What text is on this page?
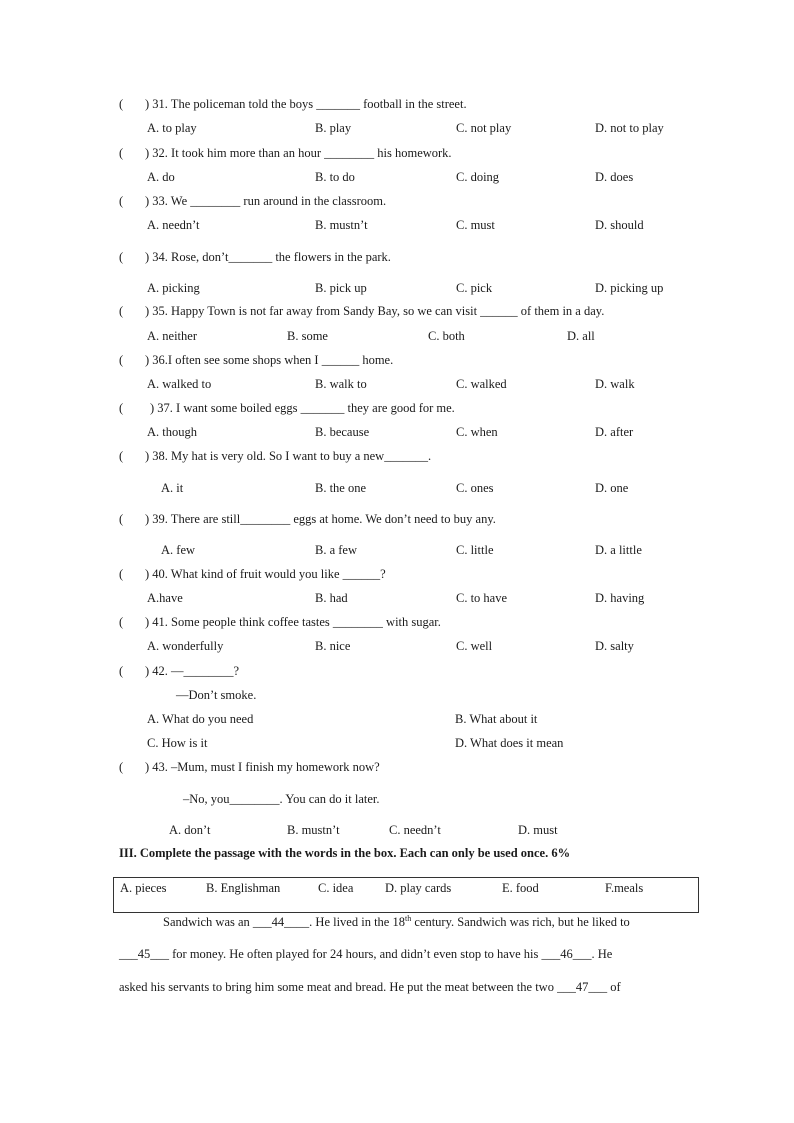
( ) 31. The policeman told the boys _______ football in the street.
A. to play	B. play	C. not play	D. not to play
( ) 32. It took him more than an hour ________ his homework.
A. do	B. to do	C. doing	D. does
( ) 33. We ________ run around in the classroom.
A. needn’t	B. mustn’t	C. must	D. should
( ) 34. Rose, don’t_______ the flowers in the park.
A. picking	B. pick up	C. pick	D. picking up
( ) 35. Happy Town is not far away from Sandy Bay, so we can visit ______ of them in a day.
A. neither	B. some	C. both	D. all
( ) 36.I often see some shops when I ______ home.
A. walked to	B. walk to	C. walked	D. walk
( ) 37. I want some boiled eggs _______ they are good for me.
A. though	B. because	C. when	D. after
( ) 38. My hat is very old. So I want to buy a new_______.
A. it	B. the one	C. ones	D. one
( ) 39. There are still________ eggs at home. We don’t need to buy any.
A. few	B. a few	C. little	D. a little
( ) 40. What kind of fruit would you like ______?
A.have	B. had	C. to have	D. having
( ) 41. Some people think coffee tastes ________ with sugar.
A. wonderfully	B. nice	C. well	D. salty
( ) 42. —________?
—Don’t smoke.
A. What do you need	B. What about it
C. How is it	D. What does it mean
( ) 43. –Mum, must I finish my homework now?
–No, you________. You can do it later.
A. don’t	B. mustn’t	C. needn’t	D. must
III. Complete the passage with the words in the box. Each can only be used once. 6%
A. pieces	B. Englishman	C. idea	D. play cards	E. food	F.meals
Sandwich was an ___44____. He lived in the 18th century. Sandwich was rich, but he liked to
___45___ for money. He often played for 24 hours, and didn’t even stop to have his ___46___. He
asked his servants to bring him some meat and bread. He put the meat between the two ___47___ of
